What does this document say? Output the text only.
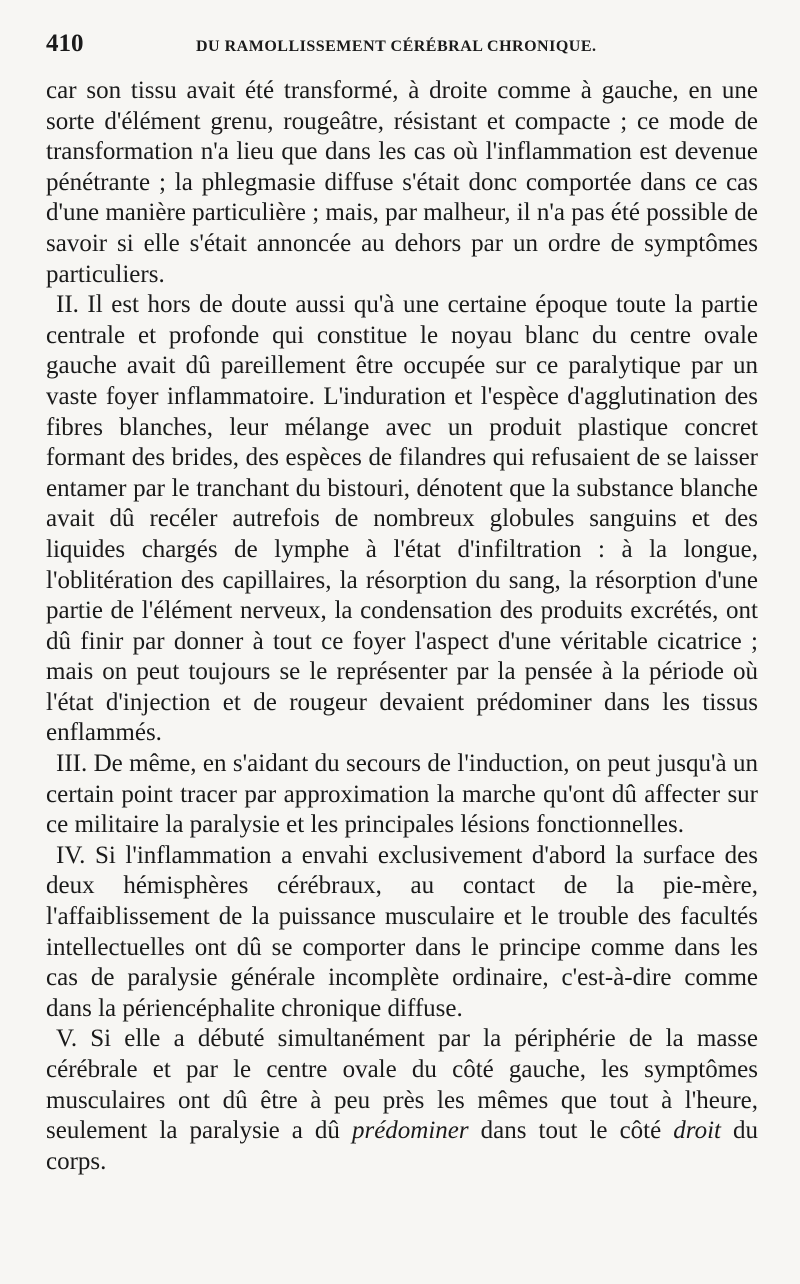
410	DU RAMOLLISSEMENT CÉRÉBRAL CHRONIQUE.

car son tissu avait été transformé, à droite comme à gauche, en une sorte d'élément grenu, rougeâtre, résistant et compacte ; ce mode de transformation n'a lieu que dans les cas où l'inflammation est devenue pénétrante ; la phlegmasie diffuse s'était donc comportée dans ce cas d'une manière particulière ; mais, par malheur, il n'a pas été possible de savoir si elle s'était annoncée au dehors par un ordre de symptômes particuliers.

II. Il est hors de doute aussi qu'à une certaine époque toute la partie centrale et profonde qui constitue le noyau blanc du centre ovale gauche avait dû pareillement être occupée sur ce paralytique par un vaste foyer inflammatoire. L'induration et l'espèce d'agglutination des fibres blanches, leur mélange avec un produit plastique concret formant des brides, des espèces de filandres qui refusaient de se laisser entamer par le tranchant du bistouri, dénotent que la substance blanche avait dû recéler autrefois de nombreux globules sanguins et des liquides chargés de lymphe à l'état d'infiltration : à la longue, l'oblitération des capillaires, la résorption du sang, la résorption d'une partie de l'élément nerveux, la condensation des produits excrétés, ont dû finir par donner à tout ce foyer l'aspect d'une véritable cicatrice ; mais on peut toujours se le représenter par la pensée à la période où l'état d'injection et de rougeur devaient prédominer dans les tissus enflammés.

III. De même, en s'aidant du secours de l'induction, on peut jusqu'à un certain point tracer par approximation la marche qu'ont dû affecter sur ce militaire la paralysie et les principales lésions fonctionnelles.

IV. Si l'inflammation a envahi exclusivement d'abord la surface des deux hémisphères cérébraux, au contact de la pie-mère, l'affaiblissement de la puissance musculaire et le trouble des facultés intellectuelles ont dû se comporter dans le principe comme dans les cas de paralysie générale incomplète ordinaire, c'est-à-dire comme dans la périencéphalite chronique diffuse.

V. Si elle a débuté simultanément par la périphérie de la masse cérébrale et par le centre ovale du côté gauche, les symptômes musculaires ont dû être à peu près les mêmes que tout à l'heure, seulement la paralysie a dû prédominer dans tout le côté droit du corps.
